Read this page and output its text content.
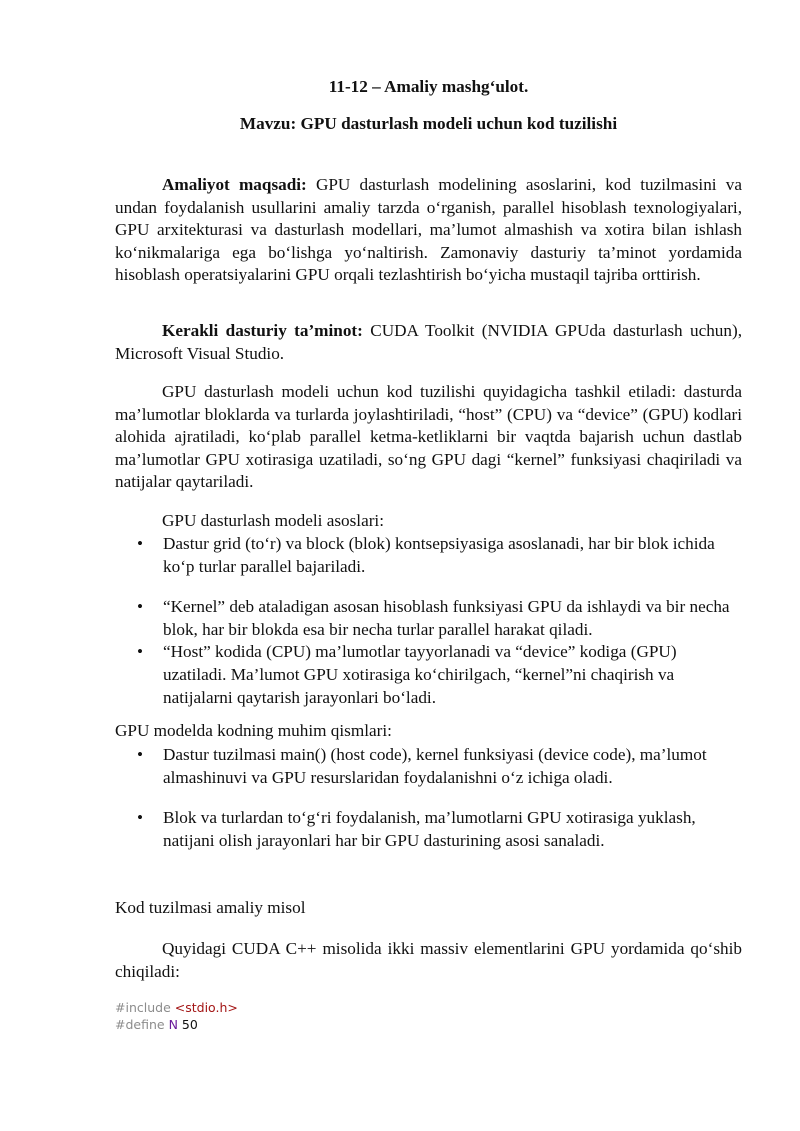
11-12 – Amaliy mashg‘ulot.
Mavzu: GPU dasturlash modeli uchun kod tuzilishi
Amaliyot maqsadi: GPU dasturlash modelining asoslarini, kod tuzilmasini va undan foydalanish usullarini amaliy tarzda o‘rganish, parallel hisoblash texnologiyalari, GPU arxitekturasi va dasturlash modellari, ma’lumot almashish va xotira bilan ishlash ko‘nikmalariga ega bo‘lishga yo‘naltirish. Zamonaviy dasturiy ta’minot yordamida hisoblash operatsiyalarini GPU orqali tezlashtirish bo‘yicha mustaqil tajriba orttirish.
Kerakli dasturiy ta’minot: CUDA Toolkit (NVIDIA GPUda dasturlash uchun), Microsoft Visual Studio.
GPU dasturlash modeli uchun kod tuzilishi quyidagicha tashkil etiladi: dasturda ma’lumotlar bloklarda va turlarda joylashtiriladi, “host” (CPU) va “device” (GPU) kodlari alohida ajratiladi, ko‘plab parallel ketma-ketliklarni bir vaqtda bajarish uchun dastlab ma’lumotlar GPU xotirasiga uzatiladi, so‘ng GPU dagi “kernel” funksiyasi chaqiriladi va natijalar qaytariladi.
GPU dasturlash modeli asoslari:
• Dastur grid (to‘r) va block (blok) kontsepsiyasiga asoslanadi, har bir blok ichida ko‘p turlar parallel bajariladi.
• “Kernel” deb ataladigan asosan hisoblash funksiyasi GPU da ishlaydi va bir necha blok, har bir blokda esa bir necha turlar parallel harakat qiladi.
• “Host” kodida (CPU) ma’lumotlar tayyorlanadi va “device” kodiga (GPU) uzatiladi. Ma’lumot GPU xotirasiga ko‘chirilgach, “kernel”ni chaqirish va natijalarni qaytarish jarayonlari bo‘ladi.
GPU modelda kodning muhim qismlari:
• Dastur tuzilmasi main() (host code), kernel funksiyasi (device code), ma’lumot almashinuvi va GPU resurslaridan foydalanishni o‘z ichiga oladi.
• Blok va turlardan to‘g‘ri foydalanish, ma’lumotlarni GPU xotirasiga yuklash, natijani olish jarayonlari har bir GPU dasturining asosi sanaladi.
Kod tuzilmasi amaliy misol
Quyidagi CUDA C++ misolida ikki massiv elementlarini GPU yordamida qo‘shib chiqiladi:
#include <stdio.h>
#define N 50
